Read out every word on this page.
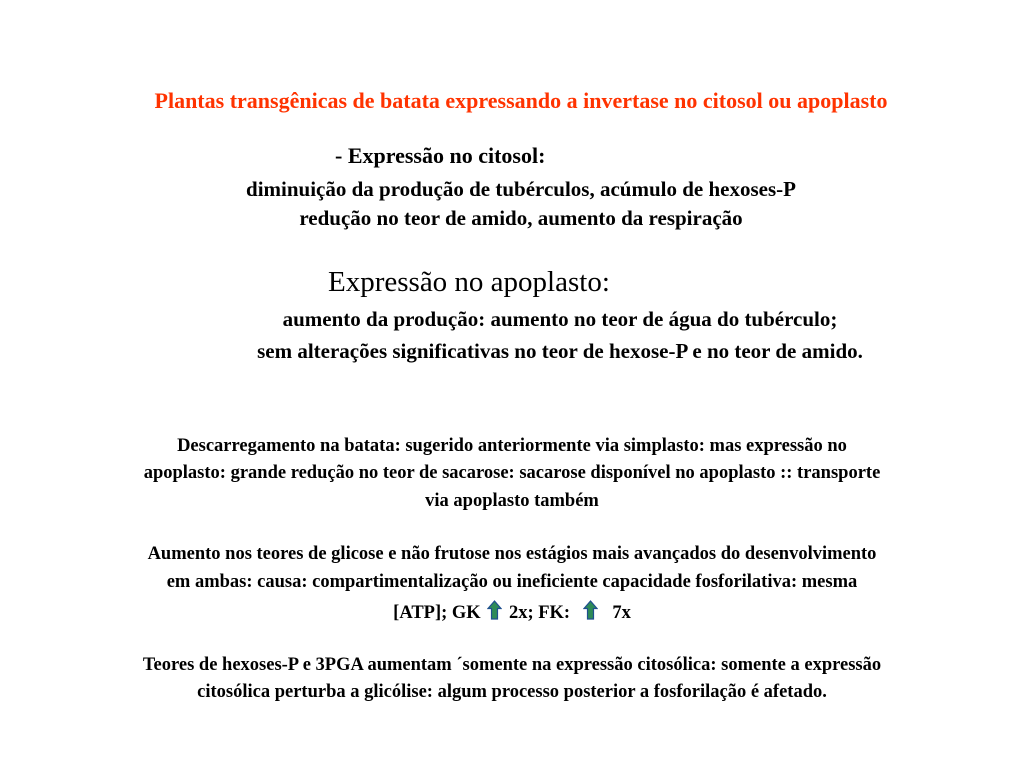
Plantas transgênicas de batata expressando a invertase no citosol ou apoplasto
- Expressão no citosol:
diminuição da produção de tubérculos, acúmulo de hexoses-P
redução no teor de amido, aumento da respiração
Expressão no apoplasto:
aumento da produção: aumento no teor de água do tubérculo;
sem alterações significativas no teor de hexose-P e no teor de amido.
Descarregamento na batata: sugerido anteriormente via simplasto: mas expressão no
apoplasto: grande redução no teor de sacarose: sacarose disponível no apoplasto :: transporte
via apoplasto também
Aumento nos teores de glicose e não frutose nos estágios mais avançados do desenvolvimento
em ambas: causa: compartimentalização ou ineficiente capacidade fosforilativa: mesma
[ATP]; GK 2x; FK: 7x
Teores de hexoses-P e 3PGA aumentam ´somente na expressão citosólica: somente a expressão
citosólica perturba a glicólise: algum processo posterior a fosforilação é afetado.
